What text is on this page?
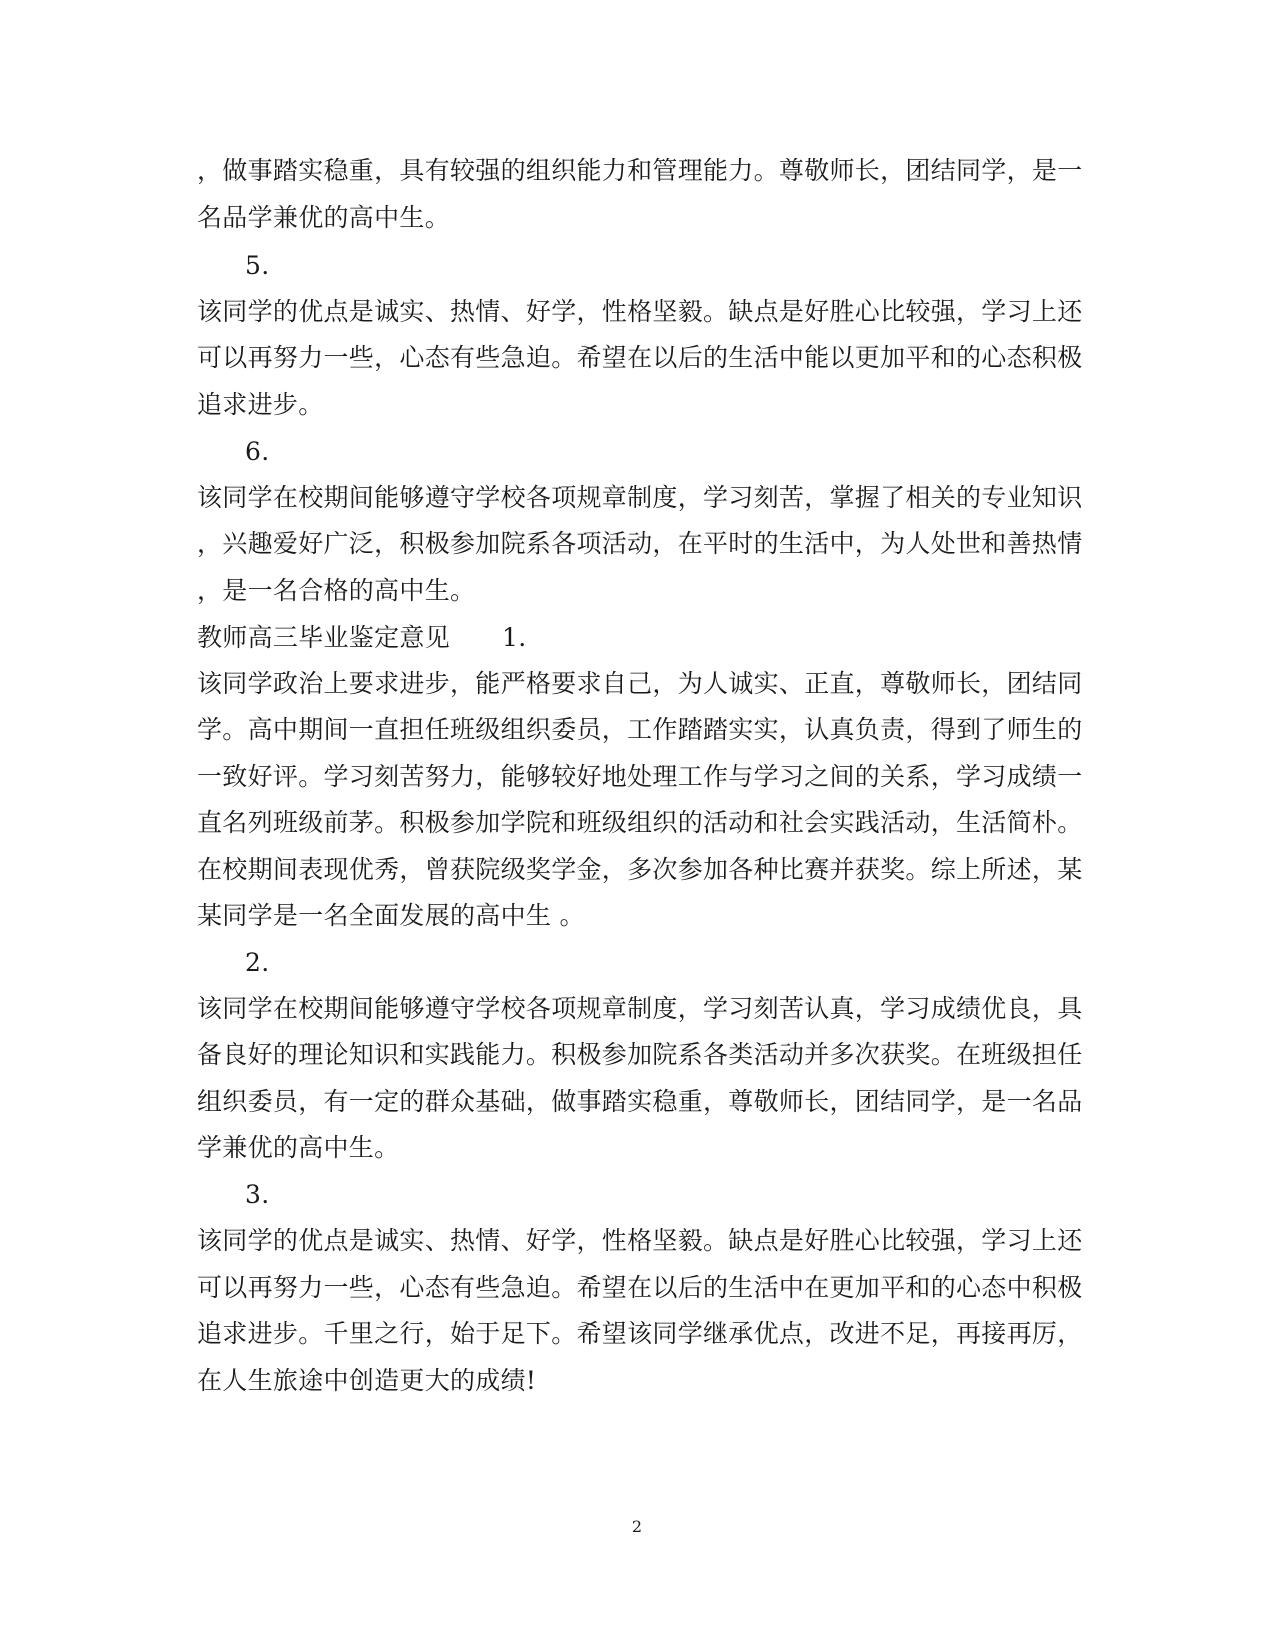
，做事踏实稳重，具有较强的组织能力和管理能力。尊敬师长，团结同学，是一
名品学兼优的高中生。
5.
该同学的优点是诚实、热情、好学，性格坚毅。缺点是好胜心比较强，学习上还
可以再努力一些，心态有些急迫。希望在以后的生活中能以更加平和的心态积极
追求进步。
6.
该同学在校期间能够遵守学校各项规章制度，学习刻苦，掌握了相关的专业知识
，兴趣爱好广泛，积极参加院系各项活动，在平时的生活中，为人处世和善热情
，是一名合格的高中生。
教师高三毕业鉴定意见 1.
该同学政治上要求进步，能严格要求自己，为人诚实、正直，尊敬师长，团结同
学。高中期间一直担任班级组织委员，工作踏踏实实，认真负责，得到了师生的
一致好评。学习刻苦努力，能够较好地处理工作与学习之间的关系，学习成绩一
直名列班级前茅。积极参加学院和班级组织的活动和社会实践活动，生活简朴。
在校期间表现优秀，曾获院级奖学金，多次参加各种比赛并获奖。综上所述，某
某同学是一名全面发展的高中生 。
2.
该同学在校期间能够遵守学校各项规章制度，学习刻苦认真，学习成绩优良，具
备良好的理论知识和实践能力。积极参加院系各类活动并多次获奖。在班级担任
组织委员，有一定的群众基础，做事踏实稳重，尊敬师长，团结同学，是一名品
学兼优的高中生。
3.
该同学的优点是诚实、热情、好学，性格坚毅。缺点是好胜心比较强，学习上还
可以再努力一些，心态有些急迫。希望在以后的生活中在更加平和的心态中积极
追求进步。千里之行，始于足下。希望该同学继承优点，改进不足，再接再厉，
在人生旅途中创造更大的成绩!
2
